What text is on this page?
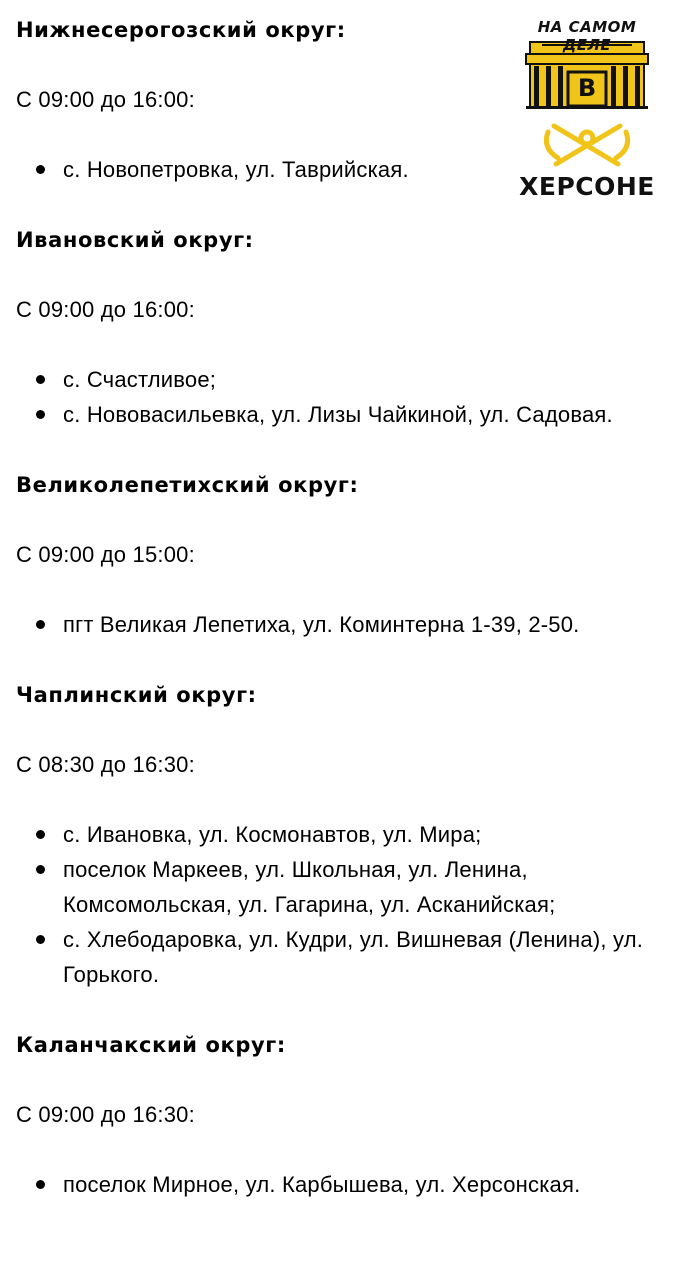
НА САМОМ ДЕЛЕ
В
ХЕРСОНЕ

Нижнесерогозский округ:

С 09:00 до 16:00:

с. Новопетровка, ул. Таврийская.

Ивановский округ:

С 09:00 до 16:00:

с. Счастливое;
с. Нововасильевка, ул. Лизы Чайкиной, ул. Садовая.

Великолепетихский округ:

С 09:00 до 15:00:

пгт Великая Лепетиха, ул. Коминтерна 1-39, 2-50.

Чаплинский округ:

С 08:30 до 16:30:

с. Ивановка, ул. Космонавтов, ул. Мира;
поселок Маркеев, ул. Школьная, ул. Ленина, Комсомольская, ул. Гагарина, ул. Асканийская;
с. Хлебодаровка, ул. Кудри, ул. Вишневая (Ленина), ул. Горького.

Каланчакский округ:

С 09:00 до 16:30:

поселок Мирное, ул. Карбышева, ул. Херсонская.
